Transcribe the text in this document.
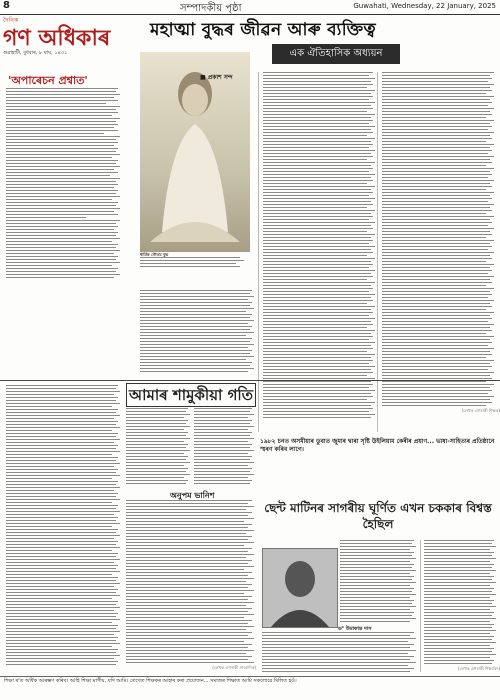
8	সম্পাদকীয় পৃষ্ঠা	Guwahati, Wednesday, 22 January, 2025
দৈনিক
গণ অধিকাৰ
গুৱাহাটী, বুধবাৰ, ৮ মাঘ, ১৪৩১
মহাত্মা বুদ্ধৰ জীৱন আৰু ব্যক্তিত্ব
এক ঐতিহাসিক অধ্যয়ন
'অপাৰেচন প্ৰশ্বাত'
ধাৰ্মিক গৌতম বুদ্ধ
■ প্ৰকাশ সন্দ
(লেখক এগৰাকী শিক্ষক)
আমাৰ শামুকীয়া গতি
অনুপম ভানিশ
(লেখক এগৰাকী সাংবাদিক)
১৯৮২ চনত অসমীয়াৰ ডুবাত জুমাৰ দ্বাৰা সৃষ্টি উইলিয়াম কেৰীৰ প্ৰয়াণ... ভাষা-সাহিত্যৰ প্ৰতিষ্ঠানে স্মৰণ কৰিব লাগে।
ছেন্ট মাটিনৰ সাগৰীয় ঘূৰ্ণিত এখন চককাৰ বিশ্বস্ত হৈছিল
ড° উমাকান্ত দাস
(লেখক এগৰাকী শিক্ষাবিদ)
শিক্ষা ৰ'ত অৰ্ধিক আৰম্ভণ কৰিব। আহি শিক্ষা মাগীয়, যদি আমি। তেখেত শিক্ষকৰ আহাৰ কৰা প্ৰয়োজন... সমাজৰ শিক্ষাত আমি সকলোৱে মিলিত হওঁ।
